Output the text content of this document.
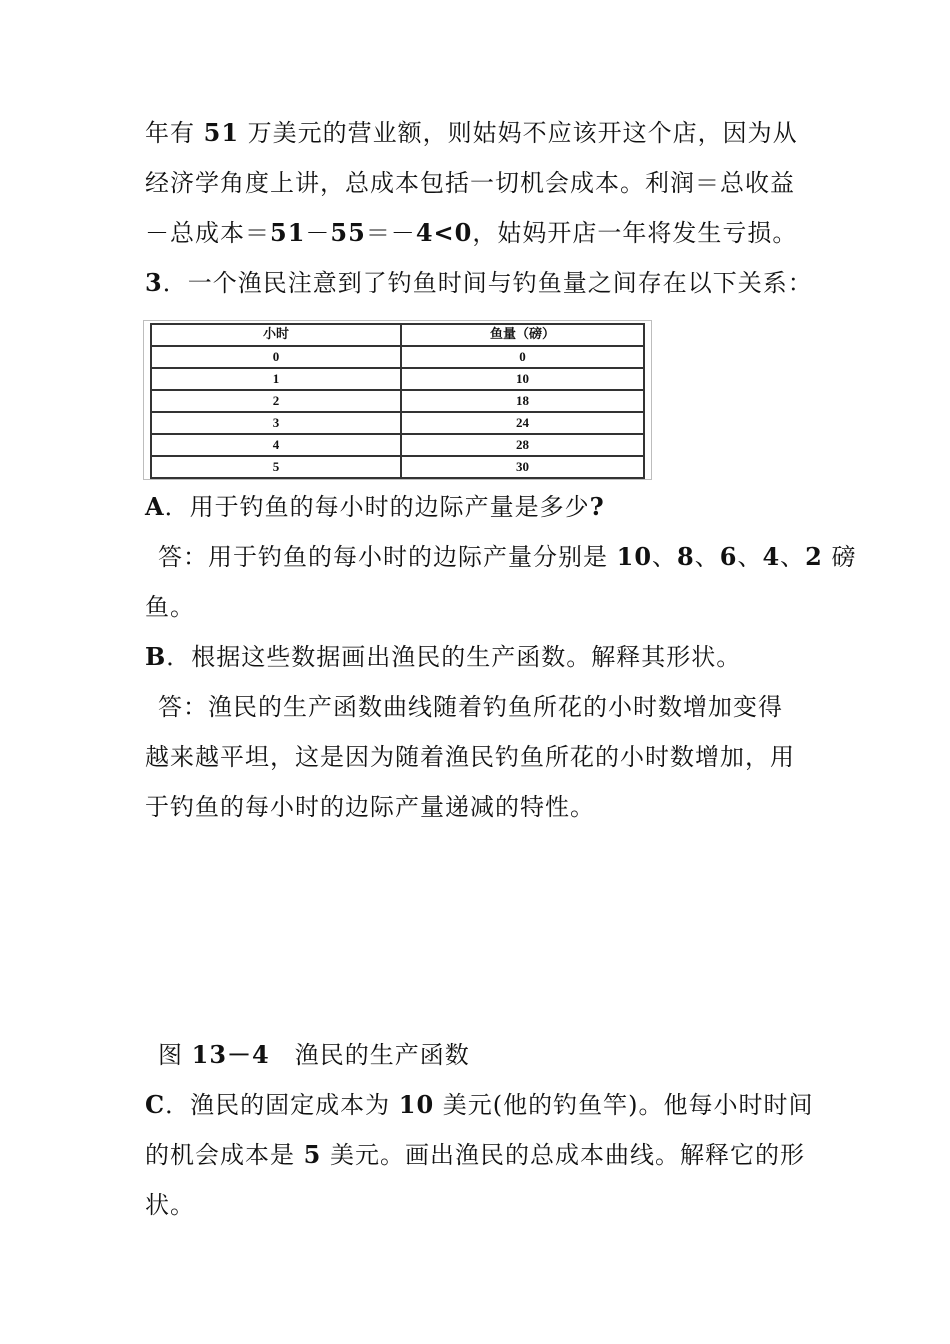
年有 51 万美元的营业额，则姑妈不应该开这个店，因为从
经济学角度上讲，总成本包括一切机会成本。利润＝总收益
－总成本＝51－55＝－4<0，姑妈开店一年将发生亏损。
3．一个渔民注意到了钓鱼时间与钓鱼量之间存在以下关系：
小时	鱼量（磅）
0	0
1	10
2	18
3	24
4	28
5	30
A．用于钓鱼的每小时的边际产量是多少?
答：用于钓鱼的每小时的边际产量分别是 10、8、6、4、2 磅
鱼。
B．根据这些数据画出渔民的生产函数。解释其形状。
答：渔民的生产函数曲线随着钓鱼所花的小时数增加变得
越来越平坦，这是因为随着渔民钓鱼所花的小时数增加，用
于钓鱼的每小时的边际产量递减的特性。
图 13－4　渔民的生产函数
C．渔民的固定成本为 10 美元(他的钓鱼竿)。他每小时时间
的机会成本是 5 美元。画出渔民的总成本曲线。解释它的形
状。
